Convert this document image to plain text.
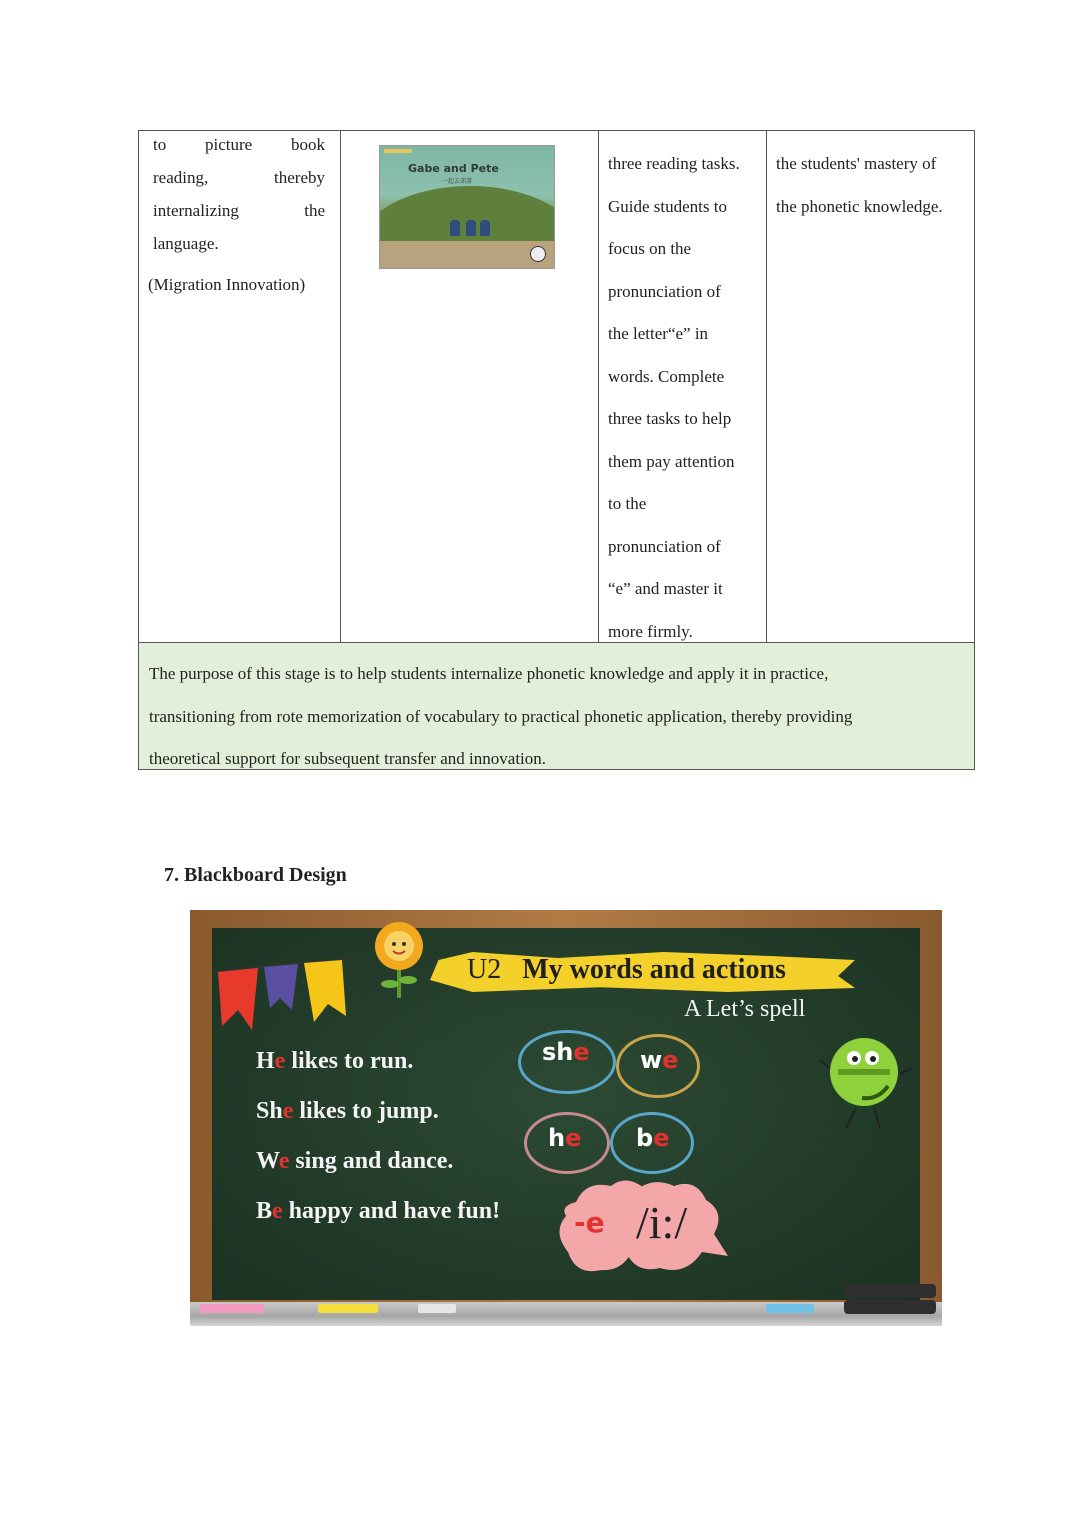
to picture book
reading,	thereby
internalizing	the
language.
(Migration Innovation)
Gabe and Pete
一起去郊游
three reading tasks.
Guide students to
focus on the
pronunciation of
the letter“e” in
words. Complete
three tasks to help
them pay attention
to the
pronunciation of
“e” and master it
more firmly.
the students' mastery of
the phonetic knowledge.
The purpose of this stage is to help students internalize phonetic knowledge and apply it in practice,
transitioning from rote memorization of vocabulary to practical phonetic application, thereby providing
theoretical support for subsequent transfer and innovation.
7. Blackboard Design
U2 My words and actions
A Let’s spell
He likes to run.
She likes to jump.
We sing and dance.
Be happy and have fun!
she we
he be
-e /i:/
